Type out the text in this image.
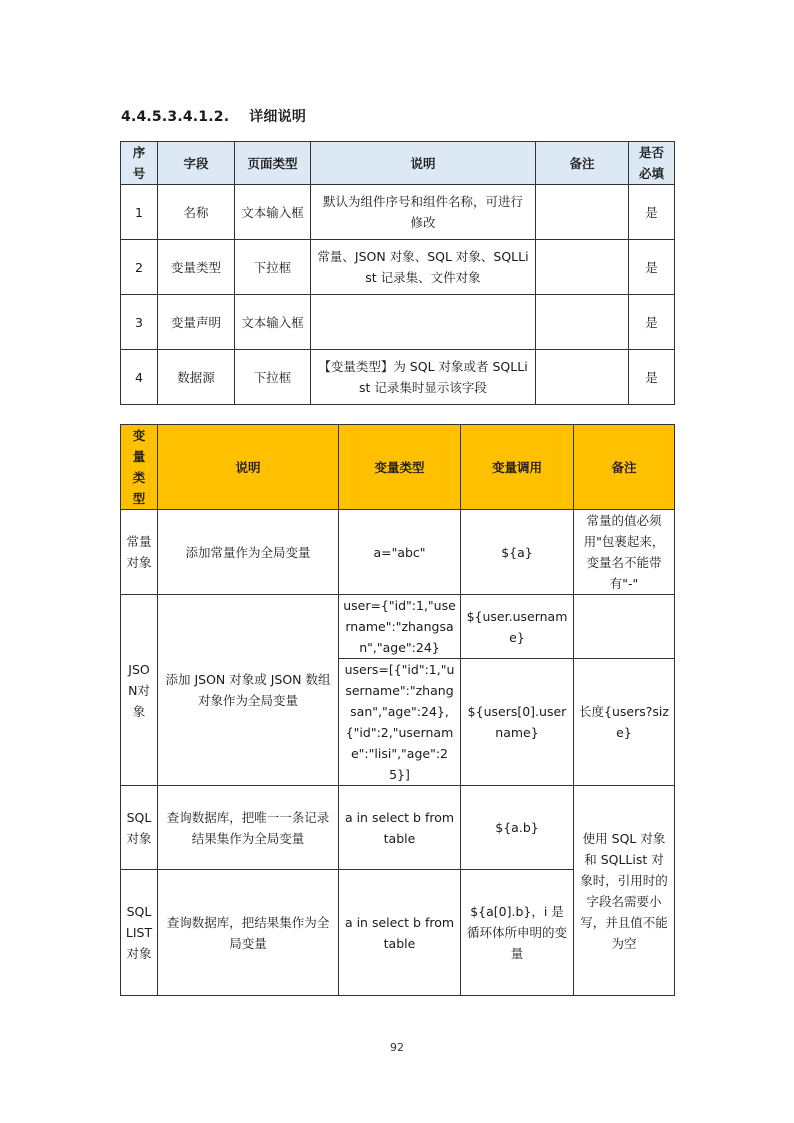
4.4.5.3.4.1.2. 详细说明
序号	字段	页面类型	说明	备注	是否必填
1	名称	文本输入框	默认为组件序号和组件名称，可进行修改		是
2	变量类型	下拉框	常量、JSON 对象、SQL 对象、SQLList 记录集、文件对象		是
3	变量声明	文本输入框			是
4	数据源	下拉框	【变量类型】为 SQL 对象或者 SQLList 记录集时显示该字段		是
变量类型	说明	变量类型	变量调用	备注
常量对象	添加常量作为全局变量	a="abc"	${a}	常量的值必须用"包裹起来，变量名不能带有"-"
JSON对象	添加 JSON 对象或 JSON 数组对象作为全局变量	user={"id":1,"username":"zhangsan","age":24}	${user.username}	
		users=[{"id":1,"username":"zhangsan","age":24},{"id":2,"username":"lisi","age":25}]	${users[0].username}	长度{users?size}
SQL对象	查询数据库，把唯一一条记录结果集作为全局变量	a in select b from table	${a.b}	使用 SQL 对象和 SQLList 对象时，引用时的字段名需要小写，并且值不能为空
SQLLIST对象	查询数据库，把结果集作为全局变量	a in select b from table	${a[0].b}，i 是循环体所申明的变量	
92
